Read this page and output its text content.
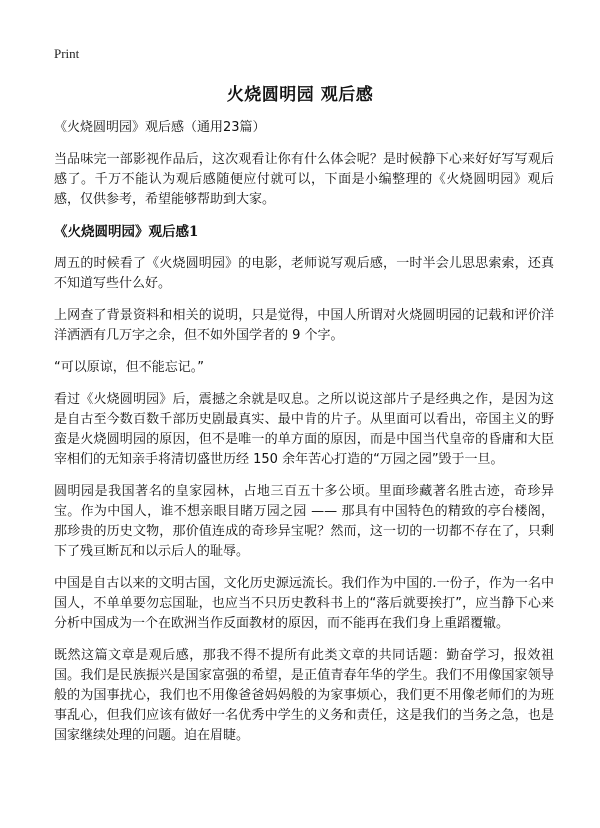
Print
火烧圆明园 观后感

《火烧圆明园》观后感（通用23篇）

当品味完一部影视作品后，这次观看让你有什么体会呢？是时候静下心来好好写写观后感了。千万不能认为观后感随便应付就可以，下面是小编整理的《火烧圆明园》观后感，仅供参考，希望能够帮助到大家。

《火烧圆明园》观后感1

周五的时候看了《火烧圆明园》的电影，老师说写观后感，一时半会儿思思索索，还真不知道写些什么好。

上网查了背景资料和相关的说明，只是觉得，中国人所谓对火烧圆明园的记载和评价洋洋洒洒有几万字之余，但不如外国学者的 9 个字。

“可以原谅，但不能忘记。”

看过《火烧圆明园》后，震撼之余就是叹息。之所以说这部片子是经典之作，是因为这是自古至今数百数千部历史剧最真实、最中肯的片子。从里面可以看出，帝国主义的野蛮是火烧圆明园的原因，但不是唯一的单方面的原因，而是中国当代皇帝的昏庸和大臣宰相们的无知亲手将清切盛世历经 150 余年苦心打造的“万园之园”毁于一旦。

圆明园是我国著名的皇家园林，占地三百五十多公顷。里面珍藏著名胜古迹，奇珍异宝。作为中国人，谁不想亲眼目睹万园之园 —— 那具有中国特色的精致的亭台楼阁，那珍贵的历史文物，那价值连成的奇珍异宝呢？然而，这一切的一切都不存在了，只剩下了残亘断瓦和以示后人的耻辱。

中国是自古以来的文明古国，文化历史源远流长。我们作为中国的.一份子，作为一名中国人，不单单要勿忘国耻，也应当不只历史教科书上的“落后就要挨打”，应当静下心来分析中国成为一个在欧洲当作反面教材的原因，而不能再在我们身上重蹈覆辙。

既然这篇文章是观后感，那我不得不提所有此类文章的共同话题：勤奋学习，报效祖国。我们是民族振兴是国家富强的希望，是正值青春年华的学生。我们不用像国家领导般的为国事扰心，我们也不用像爸爸妈妈般的为家事烦心，我们更不用像老师们的为班事乱心，但我们应该有做好一名优秀中学生的义务和责任，这是我们的当务之急，也是国家继续处理的问题。迫在眉睫。
